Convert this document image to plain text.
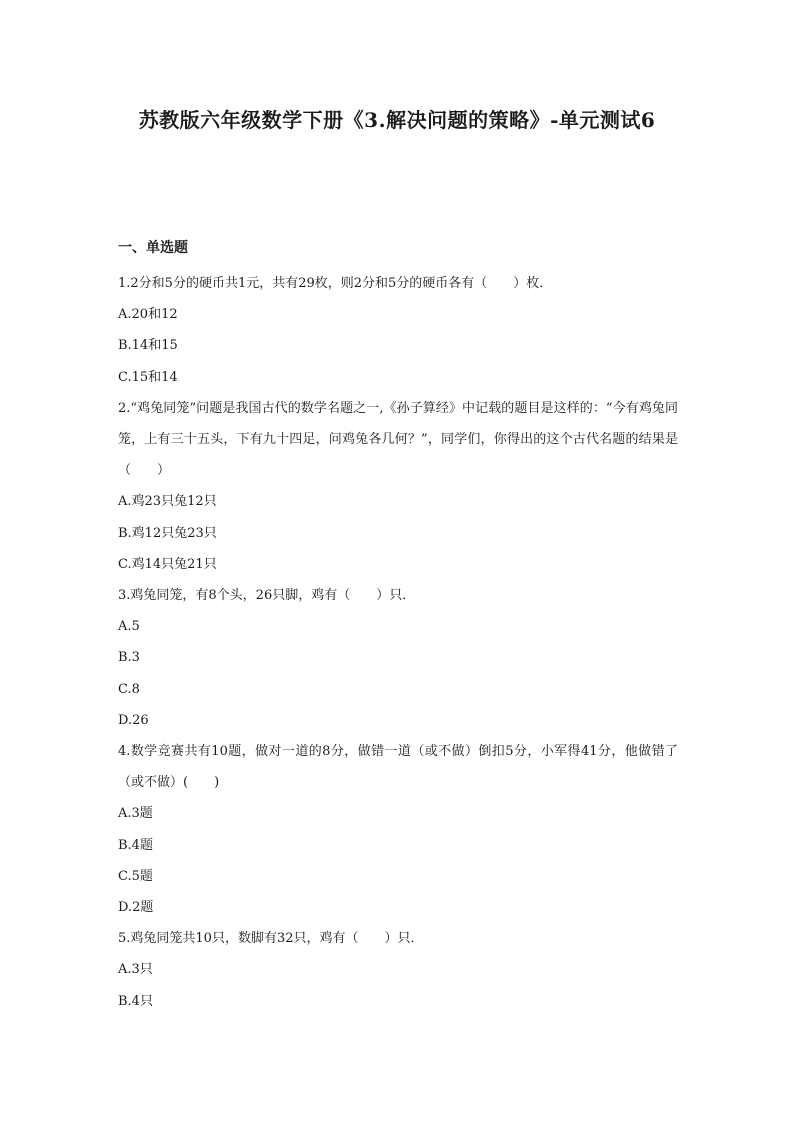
苏教版六年级数学下册《3.解决问题的策略》-单元测试6
一、单选题
1.2分和5分的硬币共1元，共有29枚，则2分和5分的硬币各有（　　）枚．
A.20和12
B.14和15
C.15和14
2.“鸡兔同笼”问题是我国古代的数学名题之一,《孙子算经》中记载的题目是这样的：“今有鸡兔同笼，上有三十五头，下有九十四足，问鸡兔各几何？”，同学们，你得出的这个古代名题的结果是（　　）
A.鸡23只兔12只
B.鸡12只兔23只
C.鸡14只兔21只
3.鸡兔同笼，有8个头，26只脚，鸡有（　　）只．
A.5
B.3
C.8
D.26
4.数学竞赛共有10题，做对一道的8分，做错一道（或不做）倒扣5分，小军得41分，他做错了（或不做）(　　)
A.3题
B.4题
C.5题
D.2题
5.鸡兔同笼共10只，数脚有32只，鸡有（　　）只．
A.3只
B.4只
